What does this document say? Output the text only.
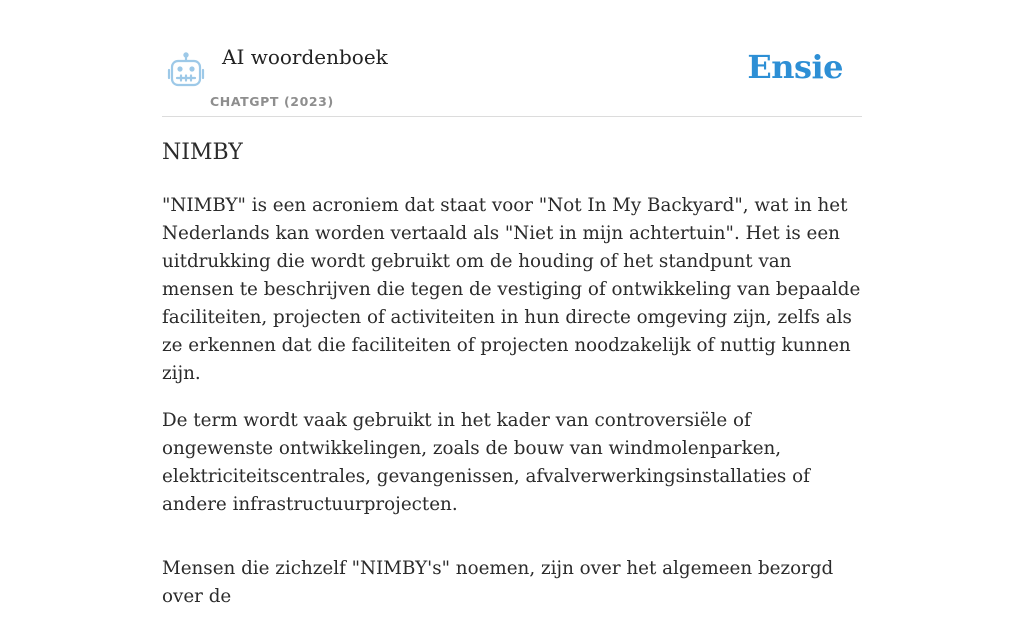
AI woordenboek
CHATGPT (2023)
Ensie
NIMBY

"NIMBY" is een acroniem dat staat voor "Not In My Backyard", wat in het Nederlands kan worden vertaald als "Niet in mijn achtertuin". Het is een uitdrukking die wordt gebruikt om de houding of het standpunt van mensen te beschrijven die tegen de vestiging of ontwikkeling van bepaalde faciliteiten, projecten of activiteiten in hun directe omgeving zijn, zelfs als ze erkennen dat die faciliteiten of projecten noodzakelijk of nuttig kunnen zijn.

De term wordt vaak gebruikt in het kader van controversiële of ongewenste ontwikkelingen, zoals de bouw van windmolenparken, elektriciteitscentrales, gevangenissen, afvalverwerkingsinstallaties of andere infrastructuurprojecten.

Mensen die zichzelf "NIMBY's" noemen, zijn over het algemeen bezorgd over de
